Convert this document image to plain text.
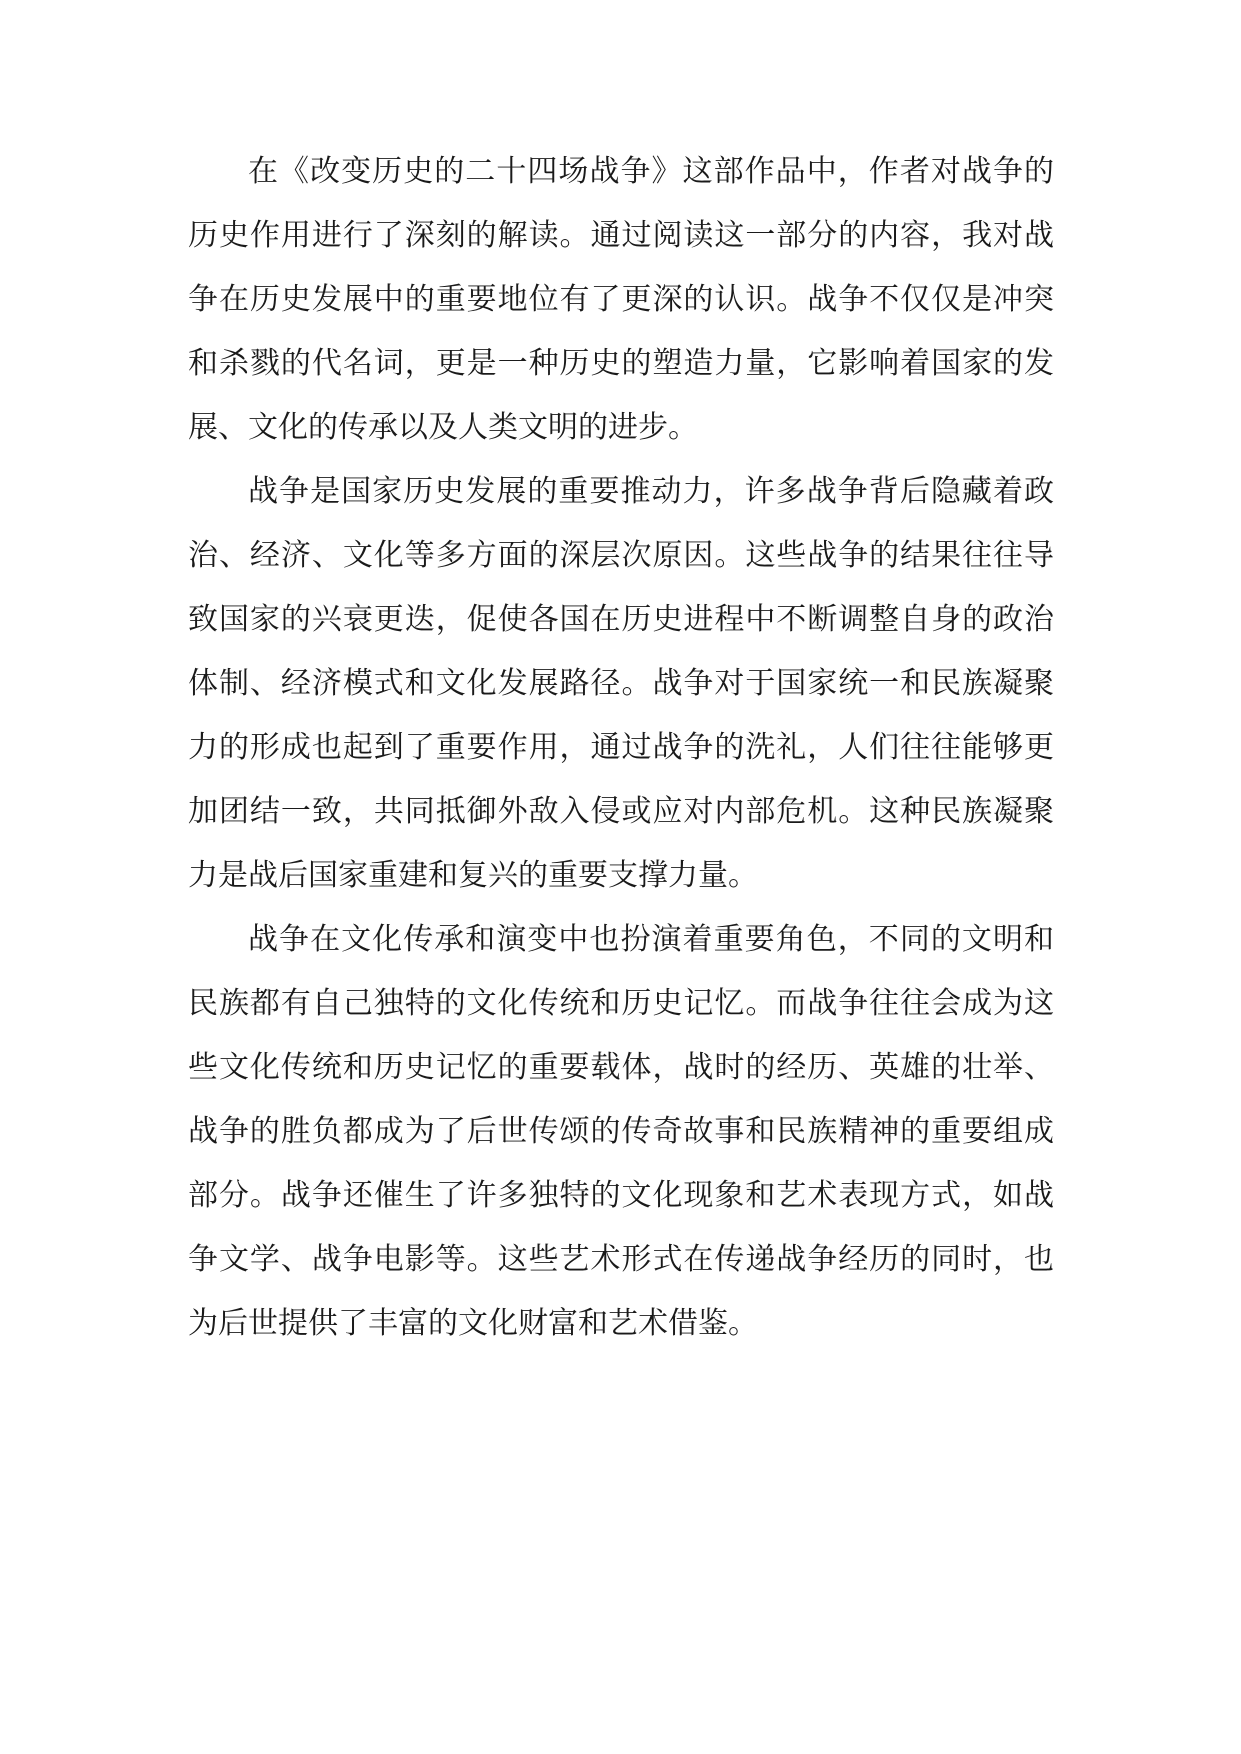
在《改变历史的二十四场战争》这部作品中，作者对战争的历史作用进行了深刻的解读。通过阅读这一部分的内容，我对战争在历史发展中的重要地位有了更深的认识。战争不仅仅是冲突和杀戮的代名词，更是一种历史的塑造力量，它影响着国家的发展、文化的传承以及人类文明的进步。

战争是国家历史发展的重要推动力，许多战争背后隐藏着政治、经济、文化等多方面的深层次原因。这些战争的结果往往导致国家的兴衰更迭，促使各国在历史进程中不断调整自身的政治体制、经济模式和文化发展路径。战争对于国家统一和民族凝聚力的形成也起到了重要作用，通过战争的洗礼，人们往往能够更加团结一致，共同抵御外敌入侵或应对内部危机。这种民族凝聚力是战后国家重建和复兴的重要支撑力量。

战争在文化传承和演变中也扮演着重要角色，不同的文明和民族都有自己独特的文化传统和历史记忆。而战争往往会成为这些文化传统和历史记忆的重要载体，战时的经历、英雄的壮举、战争的胜负都成为了后世传颂的传奇故事和民族精神的重要组成部分。战争还催生了许多独特的文化现象和艺术表现方式，如战争文学、战争电影等。这些艺术形式在传递战争经历的同时，也为后世提供了丰富的文化财富和艺术借鉴。
